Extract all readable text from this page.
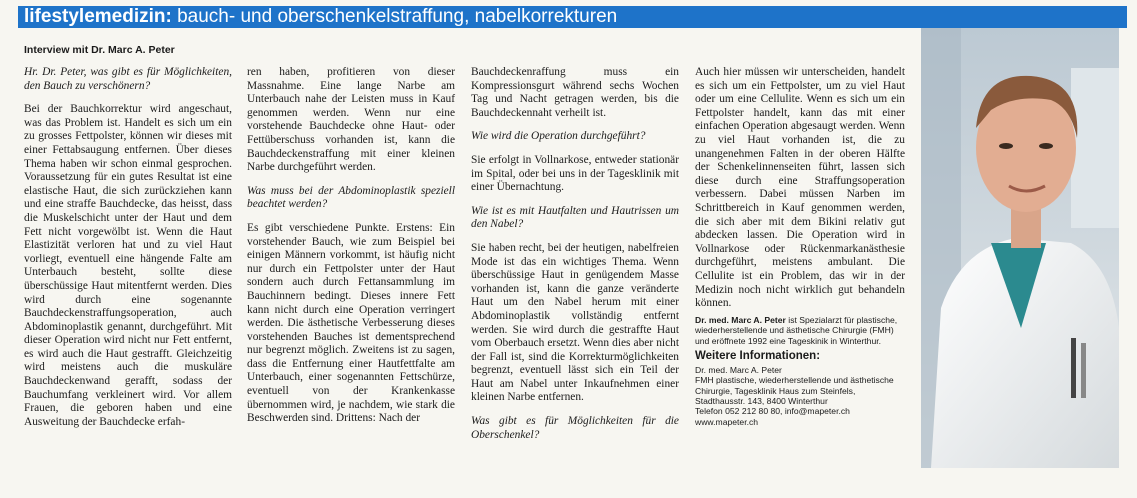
lifestylemedizin: bauch- und oberschenkelstraffung, nabelkorrekturen
Interview mit Dr. Marc A. Peter

Hr. Dr. Peter, was gibt es für Möglichkeiten, den Bauch zu verschönern?

Bei der Bauchkorrektur wird angeschaut, was das Problem ist. Handelt es sich um ein zu grosses Fettpolster, können wir dieses mit einer Fettabsaugung entfernen. Über dieses Thema haben wir schon einmal gesprochen. Voraussetzung für ein gutes Resultat ist eine elastische Haut, die sich zurückziehen kann und eine straffe Bauchdecke, das heisst, dass die Muskelschicht unter der Haut und dem Fett nicht vorgewölbt ist. Wenn die Haut Elastizität verloren hat und zu viel Haut vorliegt, eventuell eine hängende Falte am Unterbauch besteht, sollte diese überschüssige Haut mitentfernt werden. Dies wird durch eine sogenannte Bauchdeckenstraffungsoperation, auch Abdominoplastik genannt, durchgeführt. Mit dieser Operation wird nicht nur Fett entfernt, es wird auch die Haut gestrafft. Gleichzeitig wird meistens auch die muskuläre Bauchdeckenwand gerafft, sodass der Bauchumfang verkleinert wird. Vor allem Frauen, die geboren haben und eine Ausweitung der Bauchdecke erfah-

ren haben, profitieren von dieser Massnahme. Eine lange Narbe am Unterbauch nahe der Leisten muss in Kauf genommen werden. Wenn nur eine vorstehende Bauchdecke ohne Haut- oder Fettüberschuss vorhanden ist, kann die Bauchdeckenstraffung mit einer kleinen Narbe durchgeführt werden.

Was muss bei der Abdominoplastik speziell beachtet werden?

Es gibt verschiedene Punkte. Erstens: Ein vorstehender Bauch, wie zum Beispiel bei einigen Männern vorkommt, ist häufig nicht nur durch ein Fettpolster unter der Haut sondern auch durch Fettansammlung im Bauchinnern bedingt. Dieses innere Fett kann nicht durch eine Operation verringert werden. Die ästhetische Verbesserung dieses vorstehenden Bauches ist dementsprechend nur begrenzt möglich. Zweitens ist zu sagen, dass die Entfernung einer Hautfettfalte am Unterbauch, einer sogenannten Fettschürze, eventuell von der Krankenkasse übernommen wird, je nachdem, wie stark die Beschwerden sind. Drittens: Nach der

Bauchdeckenraffung muss ein Kompressionsgurt während sechs Wochen Tag und Nacht getragen werden, bis die Bauchdeckennaht verheilt ist.

Wie wird die Operation durchgeführt?

Sie erfolgt in Vollnarkose, entweder stationär im Spital, oder bei uns in der Tagesklinik mit einer Übernachtung.

Wie ist es mit Hautfalten und Hautrissen um den Nabel?

Sie haben recht, bei der heutigen, nabelfreien Mode ist das ein wichtiges Thema. Wenn überschüssige Haut in genügendem Masse vorhanden ist, kann die ganze veränderte Haut um den Nabel herum mit einer Abdominoplastik vollständig entfernt werden. Sie wird durch die gestraffte Haut vom Oberbauch ersetzt. Wenn dies aber nicht der Fall ist, sind die Korrekturmöglichkeiten begrenzt, eventuell lässt sich ein Teil der Haut am Nabel unter Inkaufnehmen einer kleinen Narbe entfernen.

Was gibt es für Möglichkeiten für die Oberschenkel?

Auch hier müssen wir unterscheiden, handelt es sich um ein Fettpolster, um zu viel Haut oder um eine Cellulite. Wenn es sich um ein Fettpolster handelt, kann das mit einer einfachen Operation abgesaugt werden. Wenn zu viel Haut vorhanden ist, die zu unangenehmen Falten in der oberen Hälfte der Schenkelinnenseiten führt, lassen sich diese durch eine Straffungsoperation verbessern. Dabei müssen Narben im Schrittbereich in Kauf genommen werden, die sich aber mit dem Bikini relativ gut abdecken lassen. Die Operation wird in Vollnarkose oder Rückenmarkanästhesie durchgeführt, meistens ambulant. Die Cellulite ist ein Problem, das wir in der Medizin noch nicht wirklich gut behandeln können.

Dr. med. Marc A. Peter ist Spezialarzt für plastische, wiederherstellende und ästhetische Chirurgie (FMH) und eröffnete 1992 eine Tageskinik in Winterthur.
Weitere Informationen:
Dr. med. Marc A. Peter
FMH plastische, wiederherstellende und ästhetische Chirurgie, Tagesklinik Haus zum Steinfels, Stadthausstr. 143, 8400 Winterthur
Telefon 052 212 80 80, info@mapeter.ch
www.mapeter.ch
